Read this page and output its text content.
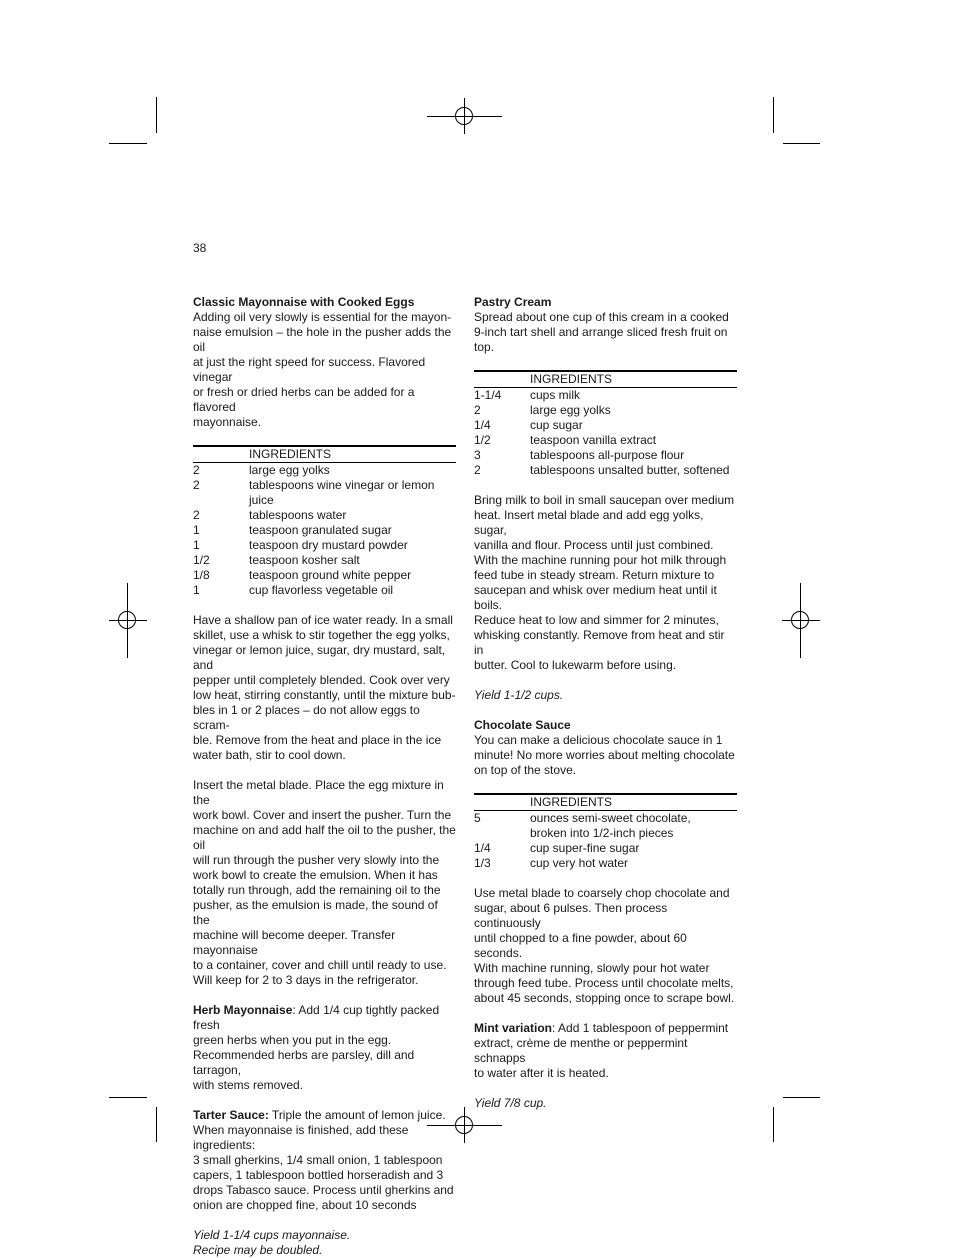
38
Classic Mayonnaise with Cooked Eggs

Adding oil very slowly is essential for the mayon-

naise emulsion – the hole in the pusher adds the oil

at just the right speed for success. Flavored vinegar

or fresh or dried herbs can be added for a flavored

mayonnaise.

	INGREDIENTS
2	large egg yolks
2	tablespoons wine vinegar or lemon juice
2	tablespoons water
1	teaspoon granulated sugar
1	teaspoon dry mustard powder
1/2	teaspoon kosher salt
1/8	teaspoon ground white pepper
1	cup flavorless vegetable oil

Have a shallow pan of ice water ready. In a small

skillet, use a whisk to stir together the egg yolks,

vinegar or lemon juice, sugar, dry mustard, salt, and

pepper until completely blended. Cook over very

low heat, stirring constantly, until the mixture bub-

bles in 1 or 2 places – do not allow eggs to scram-

ble. Remove from the heat and place in the ice

water bath, stir to cool down.

Insert the metal blade. Place the egg mixture in the

work bowl. Cover and insert the pusher. Turn the

machine on and add half the oil to the pusher, the oil

will run through the pusher very slowly into the

work bowl to create the emulsion. When it has

totally run through, add the remaining oil to the

pusher, as the emulsion is made, the sound of the

machine will become deeper. Transfer mayonnaise

to a container, cover and chill until ready to use.

Will keep for 2 to 3 days in the refrigerator.

Herb Mayonnaise: Add 1/4 cup tightly packed fresh

green herbs when you put in the egg.

Recommended herbs are parsley, dill and tarragon,

with stems removed.

Tarter Sauce: Triple the amount of lemon juice.

When mayonnaise is finished, add these ingredients:

3 small gherkins, 1/4 small onion, 1 tablespoon

capers, 1 tablespoon bottled horseradish and 3

drops Tabasco sauce. Process until gherkins and

onion are chopped fine, about 10 seconds

Yield 1-1/4 cups mayonnaise.

Recipe may be doubled.

Pastry Cream

Spread about one cup of this cream in a cooked

9-inch tart shell and arrange sliced fresh fruit on top.

	INGREDIENTS
1-1/4	cups milk
2	large egg yolks
1/4	cup sugar
1/2	teaspoon vanilla extract
3	tablespoons all-purpose flour
2	tablespoons unsalted butter, softened

Bring milk to boil in small saucepan over medium

heat. Insert metal blade and add egg yolks, sugar,

vanilla and flour. Process until just combined.

With the machine running pour hot milk through

feed tube in steady stream. Return mixture to

saucepan and whisk over medium heat until it boils.

Reduce heat to low and simmer for 2 minutes,

whisking constantly. Remove from heat and stir in

butter. Cool to lukewarm before using.

Yield 1-1/2 cups.

Chocolate Sauce

You can make a delicious chocolate sauce in 1

minute! No more worries about melting chocolate

on top of the stove.

	INGREDIENTS
5	ounces semi-sweet chocolate,
	broken into 1/2-inch pieces
1/4	cup super-fine sugar
1/3	cup very hot water

Use metal blade to coarsely chop chocolate and

sugar, about 6 pulses. Then process continuously

until chopped to a fine powder, about 60 seconds.

With machine running, slowly pour hot water

through feed tube. Process until chocolate melts,

about 45 seconds, stopping once to scrape bowl.

Mint variation: Add 1 tablespoon of peppermint

extract, crème de menthe or peppermint schnapps

to water after it is heated.

Yield 7/8 cup.
